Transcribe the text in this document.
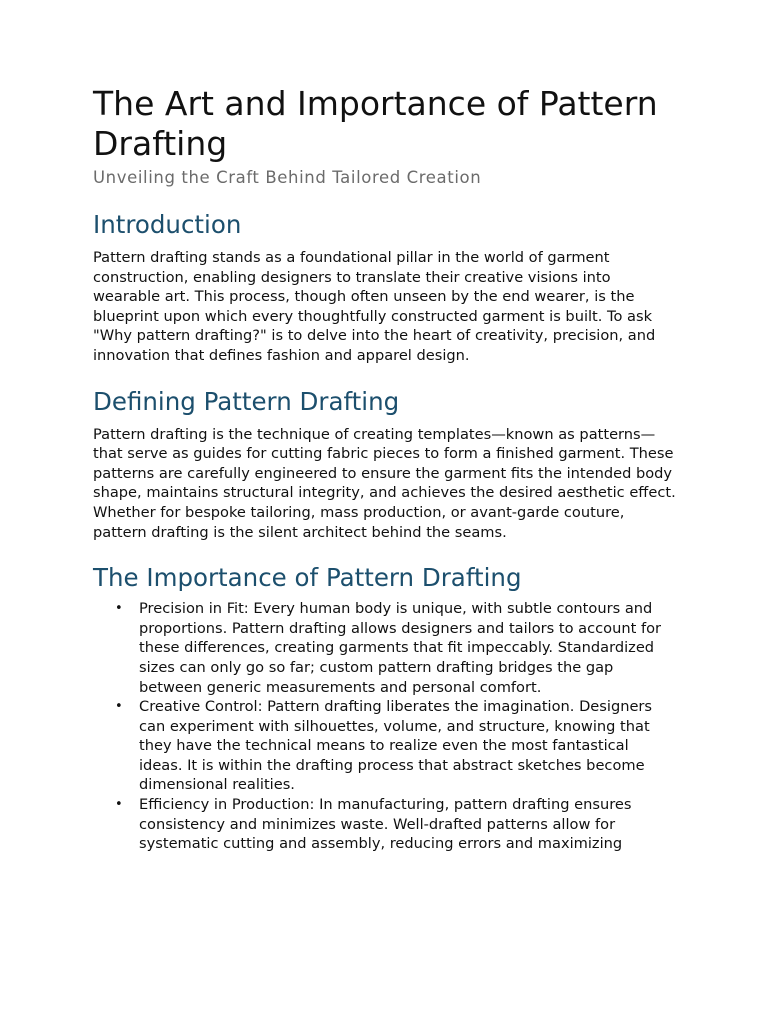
The Art and Importance of Pattern Drafting
Unveiling the Craft Behind Tailored Creation
Introduction

Pattern drafting stands as a foundational pillar in the world of garment construction, enabling designers to translate their creative visions into wearable art. This process, though often unseen by the end wearer, is the blueprint upon which every thoughtfully constructed garment is built. To ask "Why pattern drafting?" is to delve into the heart of creativity, precision, and innovation that defines fashion and apparel design.

Defining Pattern Drafting

Pattern drafting is the technique of creating templates—known as patterns—that serve as guides for cutting fabric pieces to form a finished garment. These patterns are carefully engineered to ensure the garment fits the intended body shape, maintains structural integrity, and achieves the desired aesthetic effect. Whether for bespoke tailoring, mass production, or avant-garde couture, pattern drafting is the silent architect behind the seams.

The Importance of Pattern Drafting
• Precision in Fit: Every human body is unique, with subtle contours and proportions. Pattern drafting allows designers and tailors to account for these differences, creating garments that fit impeccably. Standardized sizes can only go so far; custom pattern drafting bridges the gap between generic measurements and personal comfort.
• Creative Control: Pattern drafting liberates the imagination. Designers can experiment with silhouettes, volume, and structure, knowing that they have the technical means to realize even the most fantastical ideas. It is within the drafting process that abstract sketches become dimensional realities.
• Efficiency in Production: In manufacturing, pattern drafting ensures consistency and minimizes waste. Well-drafted patterns allow for systematic cutting and assembly, reducing errors and maximizing
